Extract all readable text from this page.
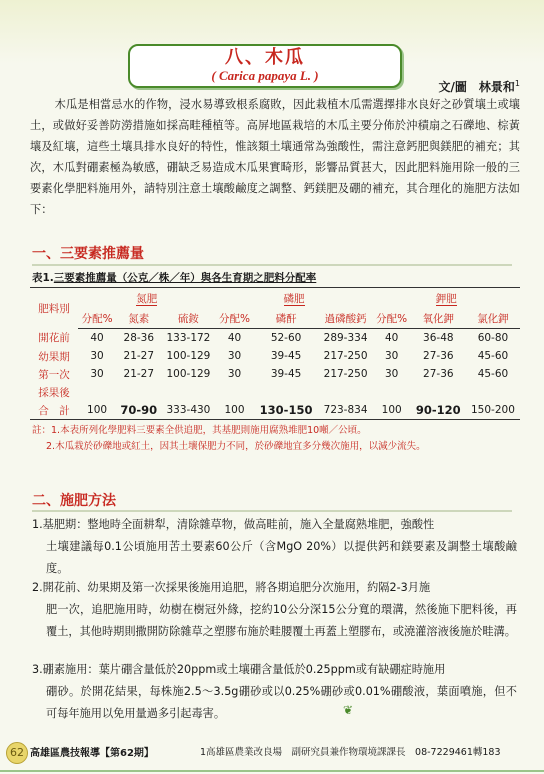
八、木瓜
( Carica papaya L. )
文/圖　林景和$^1$
木瓜是相當忌水的作物，浸水易導致根系腐敗，因此栽植木瓜需選擇排水良好之砂質壤土或壤土，或做好妥善防澇措施如採高畦種植等。高屏地區栽培的木瓜主要分佈於沖積扇之石礫地、棕黃壤及紅壤，這些土壤具排水良好的特性，惟該類土壤通常為強酸性，需注意鈣肥與鎂肥的補充；其次，木瓜對硼素極為敏感，硼缺乏易造成木瓜果實畸形，影響品質甚大，因此肥料施用除一般的三要素化學肥料施用外，請特別注意土壤酸鹼度之調整、鈣鎂肥及硼的補充，其合理化的施肥方法如下：
一、三要素推薦量
表1.三要素推薦量（公克／株／年）與各生育期之肥料分配率
肥料別	氮肥			磷肥			鉀肥		
	分配%	氮素	硫銨	分配%	磷酐	過磷酸鈣	分配%	氧化鉀	氯化鉀
開花前	40	28-36	133-172	40	52-60	289-334	40	36-48	60-80
幼果期	30	21-27	100-129	30	39-45	217-250	30	27-36	45-60
第一次	30	21-27	100-129	30	39-45	217-250	30	27-36	45-60
採果後									
合　計	100	70-90	333-430	100	130-150	723-834	100	90-120	150-200
註：1.本表所列化學肥料三要素全供追肥，其基肥則施用腐熟堆肥10噸／公頃。
2.木瓜栽於砂礫地或紅土，因其土壤保肥力不同，於砂礫地宜多分幾次施用，以減少流失。
二、施肥方法
1.基肥期：整地時全面耕犁，清除雜草物，做高畦前，施入全量腐熟堆肥，強酸性
土壤建議每0.1公頃施用苦土要素60公斤（含MgO 20%）以提供鈣和鎂要素及調整土壤酸鹼度。
2.開花前、幼果期及第一次採果後施用追肥，將各期追肥分次施用，約隔2-3月施
肥一次，追肥施用時，幼樹在樹冠外緣，挖約10公分深15公分寬的環溝，然後施下肥料後，再覆土，其他時期則撒開防除雜草之塑膠布施於畦腰覆土再蓋上塑膠布，或澆灌溶液後施於畦溝。
3.硼素施用：葉片硼含量低於20ppm或土壤硼含量低於0.25ppm或有缺硼症時施用
硼砂。於開花結果，每株施2.5～3.5g硼砂或以0.25%硼砂或0.01%硼酸液，葉面噴施，但不可每年施用以免用量過多引起毒害。	❦
62 高雄區農技報導【第62期】	1高雄區農業改良場　副研究員兼作物環境課課長　08-7229461轉183
